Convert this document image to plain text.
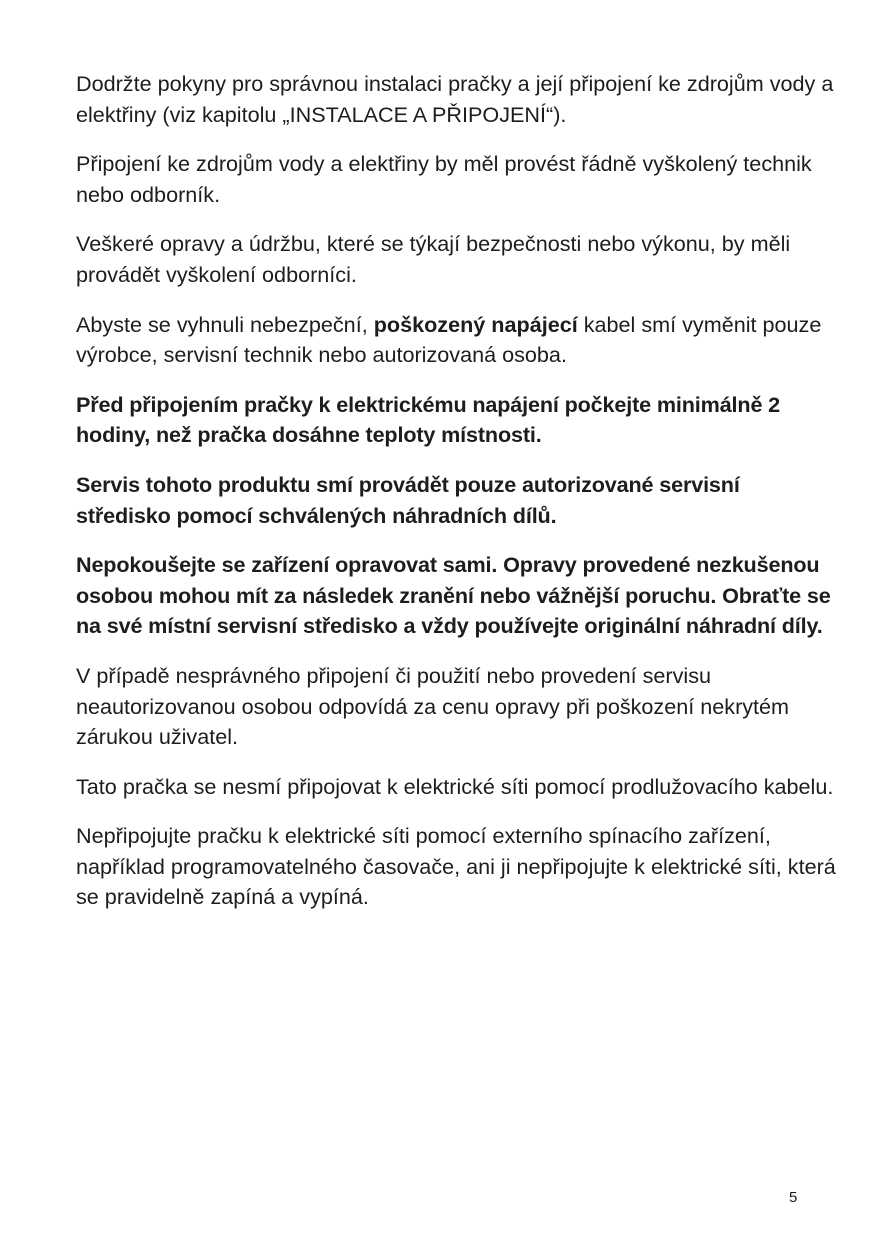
Dodržte pokyny pro správnou instalaci pračky a její připojení ke zdrojům vody a elektřiny (viz kapitolu „INSTALACE A PŘIPOJENÍ“).

Připojení ke zdrojům vody a elektřiny by měl provést řádně vyškolený technik nebo odborník.

Veškeré opravy a údržbu, které se týkají bezpečnosti nebo výkonu, by měli provádět vyškolení odborníci.

Abyste se vyhnuli nebezpeční, poškozený napájecí kabel smí vyměnit pouze výrobce, servisní technik nebo autorizovaná osoba.

Před připojením pračky k elektrickému napájení počkejte minimálně 2 hodiny, než pračka dosáhne teploty místnosti.

Servis tohoto produktu smí provádět pouze autorizované servisní středisko pomocí schválených náhradních dílů.

Nepokoušejte se zařízení opravovat sami. Opravy provedené nezkušenou osobou mohou mít za následek zranění nebo vážnější poruchu. Obraťte se na své místní servisní středisko a vždy používejte originální náhradní díly.

V případě nesprávného připojení či použití nebo provedení servisu neautorizovanou osobou odpovídá za cenu opravy při poškození nekrytém zárukou uživatel.

Tato pračka se nesmí připojovat k elektrické síti pomocí prodlužovacího kabelu.

Nepřipojujte pračku k elektrické síti pomocí externího spínacího zařízení, například programovatelného časovače, ani ji nepřipojujte k elektrické síti, která se pravidelně zapíná a vypíná.

5
